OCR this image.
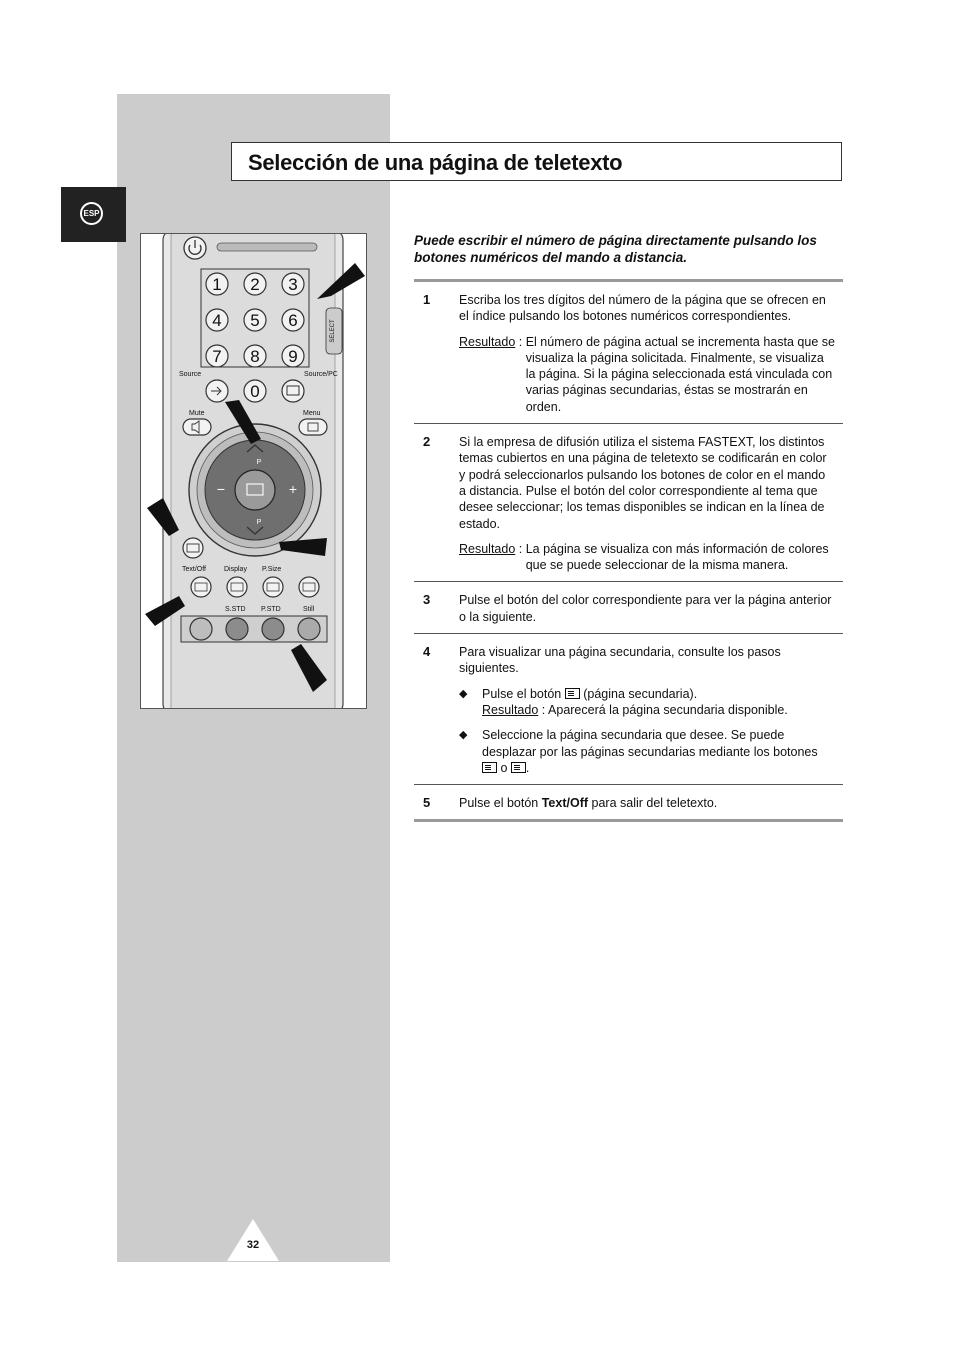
Selección de una página de teletexto
ESP
1 2 3
4 5 6
7 8 9
0
SELECT
Source	Source/PC
Mute	Menu
P
P
−	+
Text/Off	Display P.Size
S.STD P.STD	Still
Puede escribir el número de página directamente pulsando los botones numéricos del mando a distancia.
1 Escriba los tres dígitos del número de la página que se ofrecen en el índice pulsando los botones numéricos correspondientes.

Resultado : El número de página actual se incrementa hasta que se visualiza la página solicitada. Finalmente, se visualiza la página. Si la página seleccionada está vinculada con varias páginas secundarias, éstas se mostrarán en orden.
2 Si la empresa de difusión utiliza el sistema FASTEXT, los distintos temas cubiertos en una página de teletexto se codificarán en color y podrá seleccionarlos pulsando los botones de color en el mando a distancia. Pulse el botón del color correspondiente al tema que desee seleccionar; los temas disponibles se indican en la línea de estado.

Resultado : La página se visualiza con más información de colores que se puede seleccionar de la misma manera.
3 Pulse el botón del color correspondiente para ver la página anterior o la siguiente.

4 Para visualizar una página secundaria, consulte los pasos siguientes.

◆ Pulse el botón (página secundaria).
Resultado : Aparecerá la página secundaria disponible.
◆ Seleccione la página secundaria que desee. Se puede desplazar por las páginas secundarias mediante los botones  o .
5 Pulse el botón Text/Off para salir del teletexto.

32
